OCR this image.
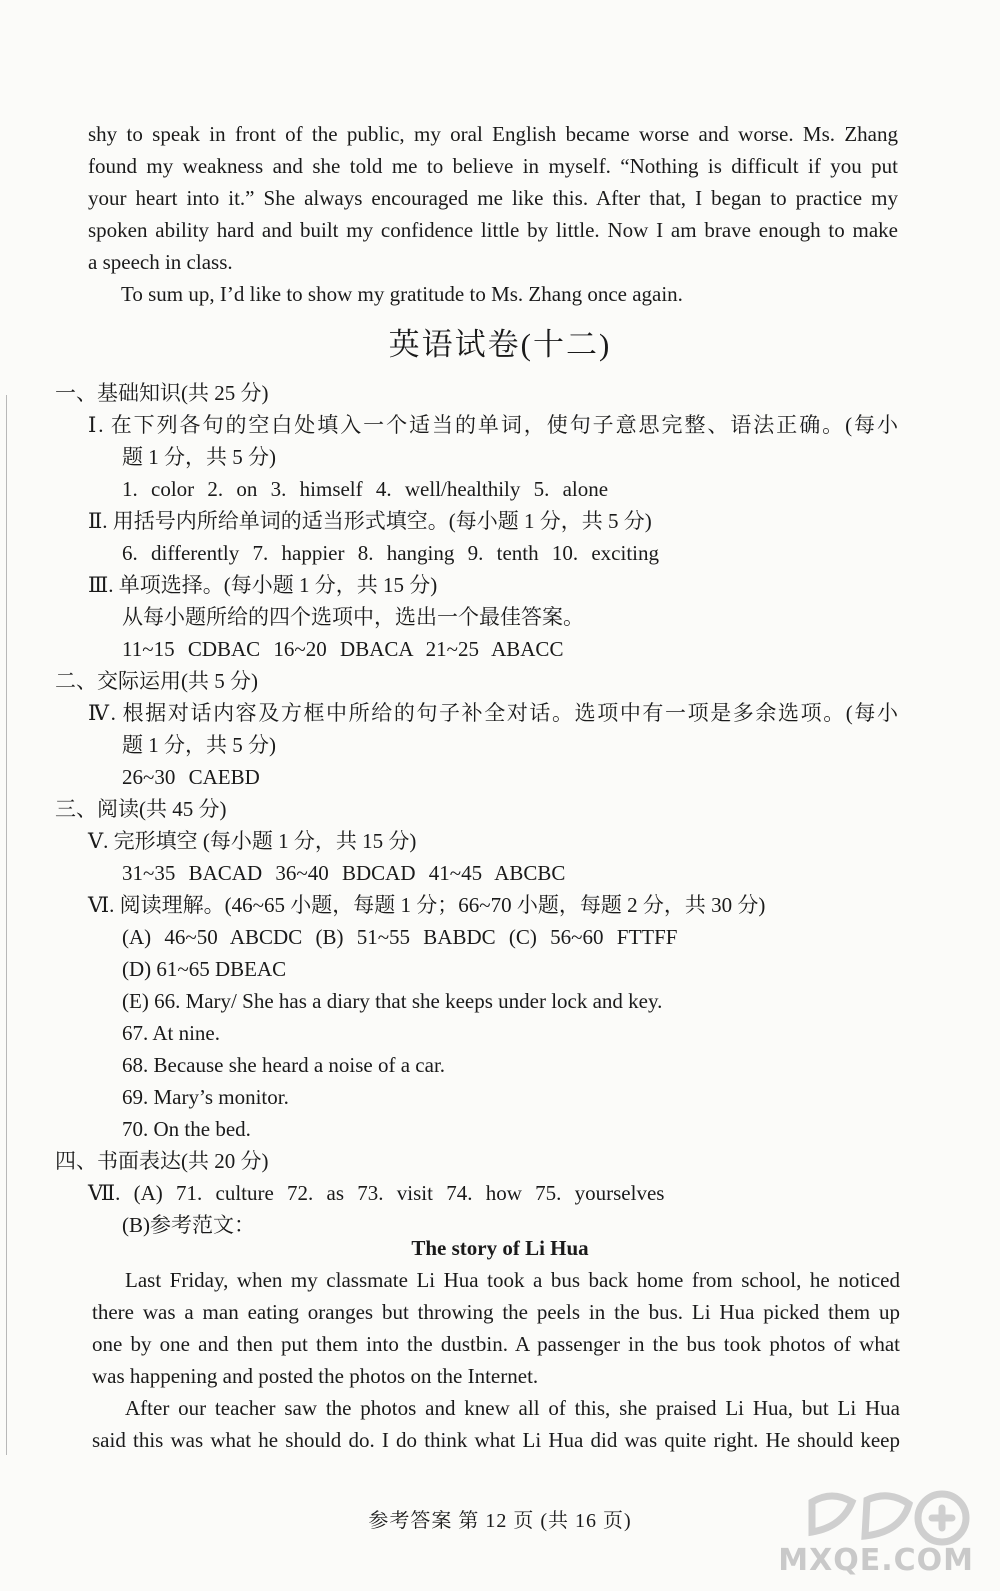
shy to speak in front of the public, my oral English became worse and worse. Ms. Zhang

found my weakness and she told me to believe in myself. “Nothing is difficult if you put

your heart into it.” She always encouraged me like this. After that, I began to practice my

spoken ability hard and built my confidence little by little. Now I am brave enough to make

a speech in class.

To sum up, I’d like to show my gratitude to Ms. Zhang once again.

英语试卷(十二)

一、基础知识(共 25 分)

Ⅰ. 在下列各句的空白处填入一个适当的单词，使句子意思完整、语法正确。(每小

题 1 分，共 5 分)

1. color 2. on 3. himself 4. well/healthily 5. alone

Ⅱ. 用括号内所给单词的适当形式填空。(每小题 1 分，共 5 分)

6. differently 7. happier 8. hanging 9. tenth 10. exciting

Ⅲ. 单项选择。(每小题 1 分，共 15 分)

从每小题所给的四个选项中，选出一个最佳答案。

11~15 CDBAC 16~20 DBACA 21~25 ABACC

二、交际运用(共 5 分)

Ⅳ. 根据对话内容及方框中所给的句子补全对话。选项中有一项是多余选项。(每小

题 1 分，共 5 分)

26~30 CAEBD

三、阅读(共 45 分)

Ⅴ. 完形填空 (每小题 1 分，共 15 分)

31~35 BACAD 36~40 BDCAD 41~45 ABCBC

Ⅵ. 阅读理解。(46~65 小题，每题 1 分；66~70 小题，每题 2 分，共 30 分)

(A) 46~50 ABCDC (B) 51~55 BABDC (C) 56~60 FTTFF

(D) 61~65 DBEAC

(E) 66. Mary/ She has a diary that she keeps under lock and key.

67. At nine.

68. Because she heard a noise of a car.

69. Mary’s monitor.

70. On the bed.

四、书面表达(共 20 分)

Ⅶ. (A) 71. culture 72. as 73. visit 74. how 75. yourselves

(B)参考范文：

The story of Li Hua

Last Friday, when my classmate Li Hua took a bus back home from school, he noticed

there was a man eating oranges but throwing the peels in the bus. Li Hua picked them up

one by one and then put them into the dustbin. A passenger in the bus took photos of what

was happening and posted the photos on the Internet.

After our teacher saw the photos and knew all of this, she praised Li Hua, but Li Hua

said this was what he should do. I do think what Li Hua did was quite right. He should keep

参考答案 第 12 页 (共 16 页)
MXQE.COM
